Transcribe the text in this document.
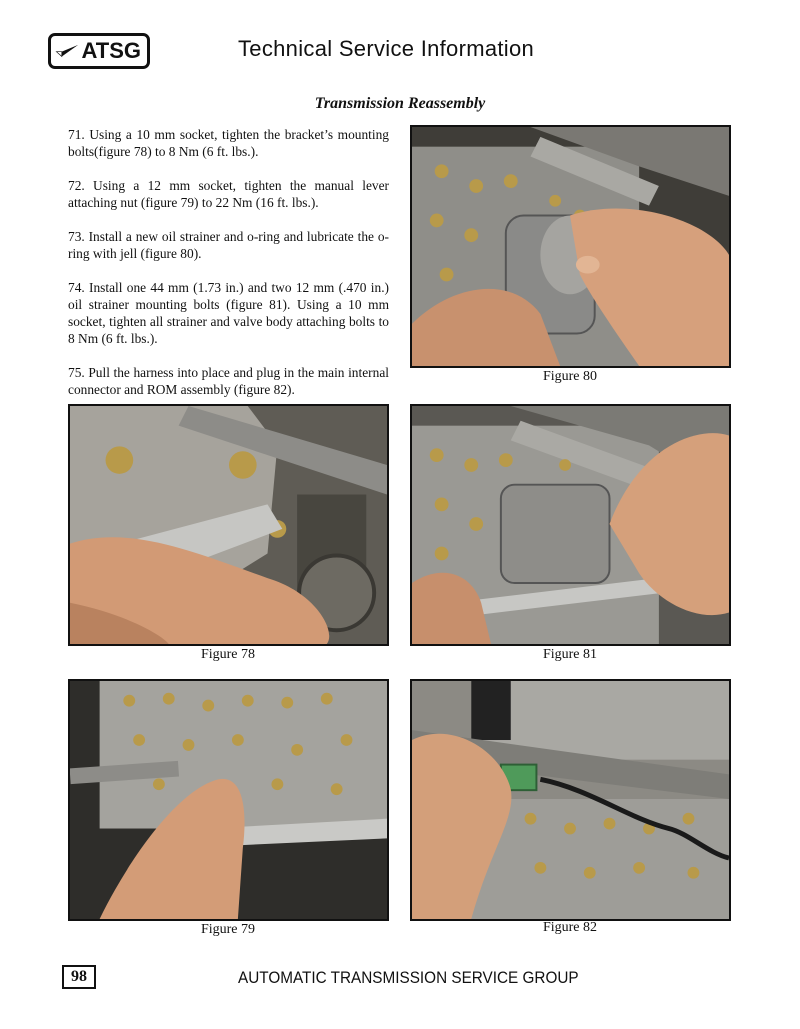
ATSG	Technical Service Information
Transmission Reassembly

71. Using a 10 mm socket, tighten the bracket’s mounting bolts(figure 78) to 8 Nm (6 ft. lbs.).

72. Using a 12 mm socket, tighten the manual lever attaching nut (figure 79) to 22 Nm (16 ft. lbs.).

73. Install a new oil strainer and o-ring and lubricate the o-ring with jell (figure 80).

74. Install one 44 mm (1.73 in.) and two 12 mm (.470 in.) oil strainer mounting bolts (figure 81). Using a 10 mm socket, tighten all strainer and valve body attaching bolts to 8 Nm (6 ft. lbs.).

75. Pull the harness into place and plug in the main internal connector and ROM assembly (figure 82).

Figure 80
Figure 78	Figure 81
Figure 79	Figure 82
98	AUTOMATIC TRANSMISSION SERVICE GROUP
